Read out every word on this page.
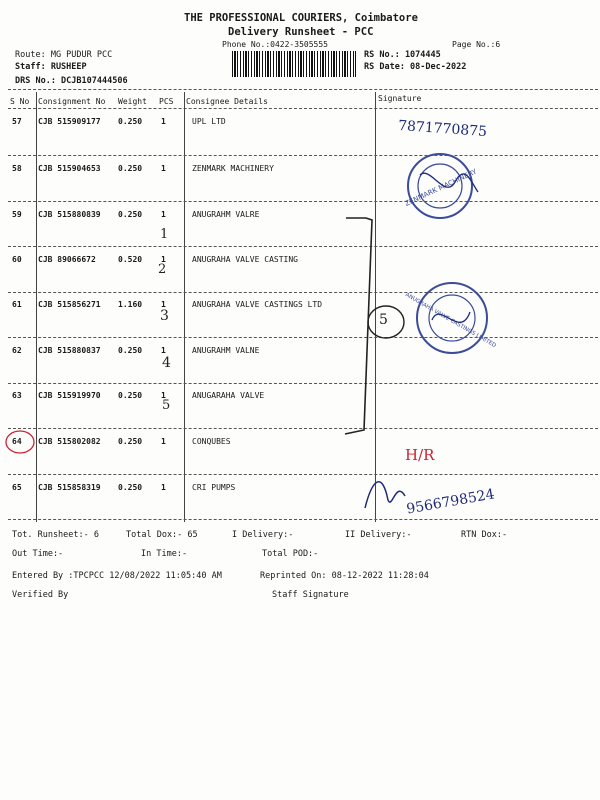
THE PROFESSIONAL COURIERS, Coimbatore
Delivery Runsheet - PCC
Phone No.:0422-3505555	Page No.:6
Route: MG PUDUR PCC
Staff: RUSHEEP
DRS No.: DCJB107444506
RS No.: 1074445
RS Date: 08-Dec-2022
S No Consignment No Weight PCS Consignee Details	Signature
57 CJB 515909177 0.250 1	UPL LTD
58 CJB 515904653 0.250 1	ZENMARK MACHINERY
59 CJB 515880839 0.250 1	ANUGRAHM VALRE
60 CJB 89066672	0.520 1	ANUGRAHA VALVE CASTING
61 CJB 515856271 1.160 1	ANUGRAHA VALVE CASTINGS LTD
62 CJB 515880837 0.250 1	ANUGRAHM VALNE
63 CJB 515919970 0.250 1	ANUGARAHA VALVE
64 CJB 515802082 0.250 1	CONQUBES
65 CJB 515858319 0.250 1	CRI PUMPS
Tot. Runsheet:- 6	Total Dox:- 65	I Delivery:-	II Delivery:-	RTN Dox:-
Out Time:-	In Time:-	Total POD:-
Entered By :TPCPCC 12/08/2022 11:05:40 AM	Reprinted On: 08-12-2022 11:28:04
Verified By	Staff Signature
ZENMARK MACHINERY
ANUGRAHA VALVE CASTINGS LIMITED
7871770875
9566798524
1
2
3
4
5
5
H/R
